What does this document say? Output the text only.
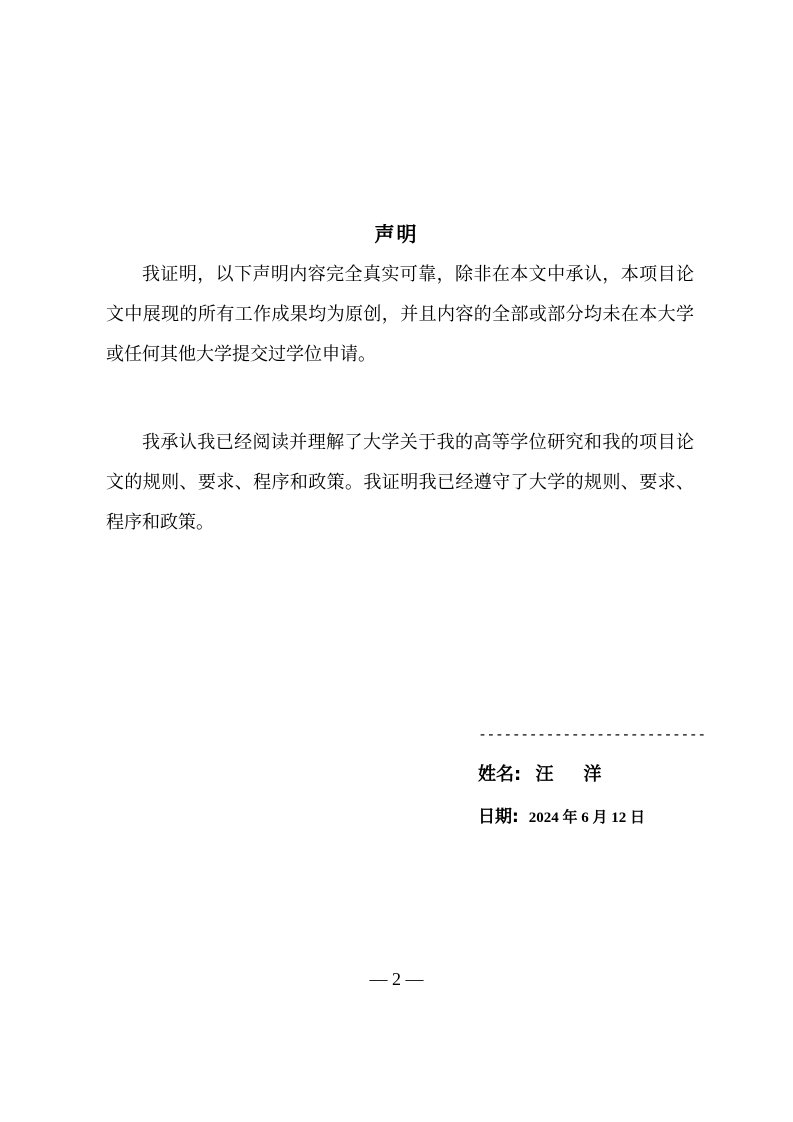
声明

我证明，以下声明内容完全真实可靠，除非在本文中承认，本项目论文中展现的所有工作成果均为原创，并且内容的全部或部分均未在本大学或任何其他大学提交过学位申请。

我承认我已经阅读并理解了大学关于我的高等学位研究和我的项目论文的规则、要求、程序和政策。我证明我已经遵守了大学的规则、要求、程序和政策。

---------------------------
姓名: 汪 洋
日期: 2024 年 6 月 12 日
— 2 —
